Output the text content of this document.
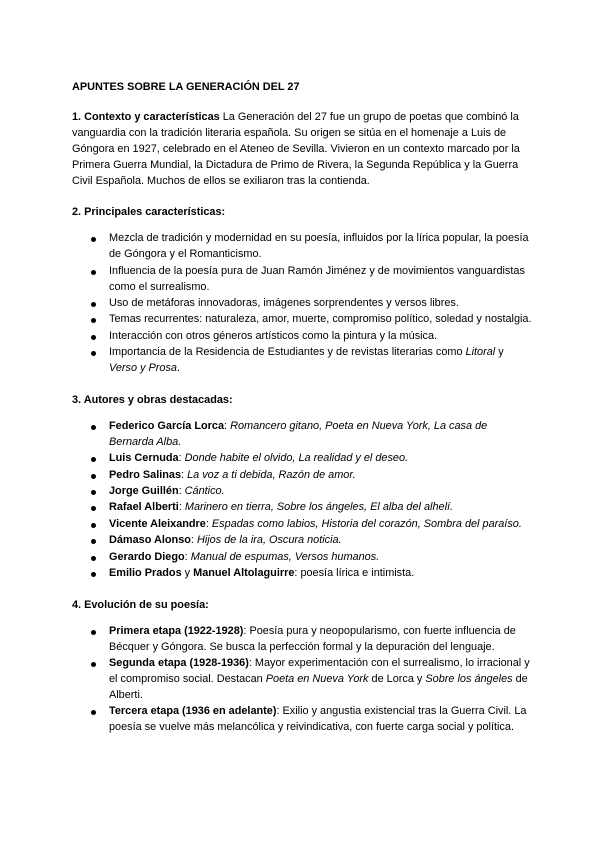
APUNTES SOBRE LA GENERACIÓN DEL 27

1. Contexto y características La Generación del 27 fue un grupo de poetas que combinó la vanguardia con la tradición literaria española. Su origen se sitúa en el homenaje a Luis de Góngora en 1927, celebrado en el Ateneo de Sevilla. Vivieron en un contexto marcado por la Primera Guerra Mundial, la Dictadura de Primo de Rivera, la Segunda República y la Guerra Civil Española. Muchos de ellos se exiliaron tras la contienda.

2. Principales características:
Mezcla de tradición y modernidad en su poesía, influidos por la lírica popular, la poesía de Góngora y el Romanticismo.
Influencia de la poesía pura de Juan Ramón Jiménez y de movimientos vanguardistas como el surrealismo.
Uso de metáforas innovadoras, imágenes sorprendentes y versos libres.
Temas recurrentes: naturaleza, amor, muerte, compromiso político, soledad y nostalgia.
Interacción con otros géneros artísticos como la pintura y la música.
Importancia de la Residencia de Estudiantes y de revistas literarias como Litoral y Verso y Prosa.
3. Autores y obras destacadas:
Federico García Lorca: Romancero gitano, Poeta en Nueva York, La casa de Bernarda Alba.
Luis Cernuda: Donde habite el olvido, La realidad y el deseo.
Pedro Salinas: La voz a ti debida, Razón de amor.
Jorge Guillén: Cántico.
Rafael Alberti: Marinero en tierra, Sobre los ángeles, El alba del alhelí.
Vicente Aleixandre: Espadas como labios, Historia del corazón, Sombra del paraíso.
Dámaso Alonso: Hijos de la ira, Oscura noticia.
Gerardo Diego: Manual de espumas, Versos humanos.
Emilio Prados y Manuel Altolaguirre: poesía lírica e intimista.
4. Evolución de su poesía:
Primera etapa (1922-1928): Poesía pura y neopopularismo, con fuerte influencia de Bécquer y Góngora. Se busca la perfección formal y la depuración del lenguaje.
Segunda etapa (1928-1936): Mayor experimentación con el surrealismo, lo irracional y el compromiso social. Destacan Poeta en Nueva York de Lorca y Sobre los ángeles de Alberti.
Tercera etapa (1936 en adelante): Exilio y angustia existencial tras la Guerra Civil. La poesía se vuelve más melancólica y reivindicativa, con fuerte carga social y política.
